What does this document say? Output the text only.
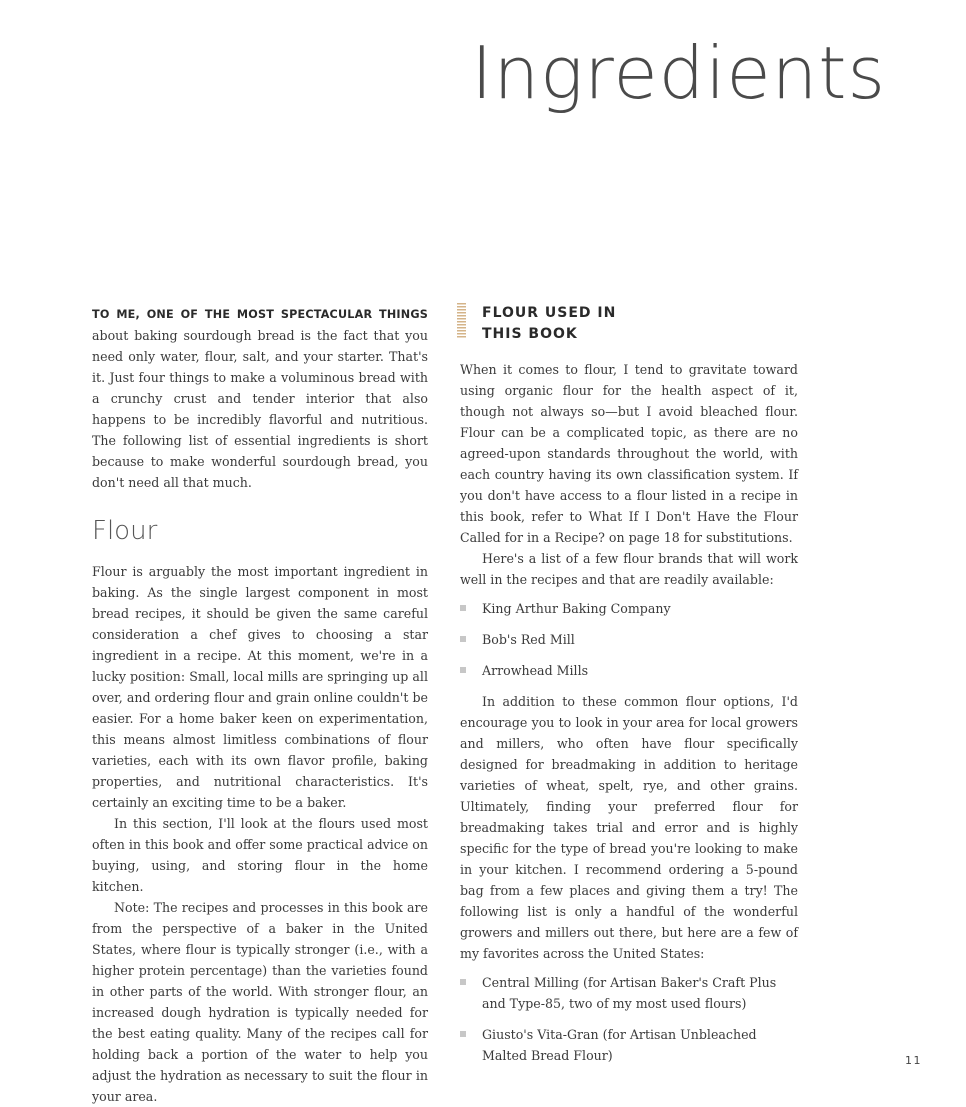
Ingredients

TO ME, ONE OF THE MOST SPECTACULAR THINGS about baking sourdough bread is the fact that you need only water, flour, salt, and your starter. That's it. Just four things to make a voluminous bread with a crunchy crust and tender interior that also happens to be incredibly flavorful and nutritious. The following list of essential ingredients is short because to make wonderful sourdough bread, you don't need all that much.

Flour

Flour is arguably the most important ingredient in baking. As the single largest component in most bread recipes, it should be given the same careful consideration a chef gives to choosing a star ingredient in a recipe. At this moment, we're in a lucky position: Small, local mills are springing up all over, and ordering flour and grain online couldn't be easier. For a home baker keen on experimentation, this means almost limitless combinations of flour varieties, each with its own flavor profile, baking properties, and nutritional characteristics. It's certainly an exciting time to be a baker.

In this section, I'll look at the flours used most often in this book and offer some practical advice on buying, using, and storing flour in the home kitchen.

Note: The recipes and processes in this book are from the perspective of a baker in the United States, where flour is typically stronger (i.e., with a higher protein percentage) than the varieties found in other parts of the world. With stronger flour, an increased dough hydration is typically needed for the best eating quality. Many of the recipes call for holding back a portion of the water to help you adjust the hydration as necessary to suit the flour in your area.

FLOUR USED IN
THIS BOOK

When it comes to flour, I tend to gravitate toward using organic flour for the health aspect of it, though not always so—but I avoid bleached flour. Flour can be a complicated topic, as there are no agreed-upon standards throughout the world, with each country having its own classification system. If you don't have access to a flour listed in a recipe in this book, refer to What If I Don't Have the Flour Called for in a Recipe? on page 18 for substitutions.

Here's a list of a few flour brands that will work well in the recipes and that are readily available:

King Arthur Baking Company
Bob's Red Mill
Arrowhead Mills

In addition to these common flour options, I'd encourage you to look in your area for local growers and millers, who often have flour specifically designed for breadmaking in addition to heritage varieties of wheat, spelt, rye, and other grains. Ultimately, finding your preferred flour for breadmaking takes trial and error and is highly specific for the type of bread you're looking to make in your kitchen. I recommend ordering a 5-pound bag from a few places and giving them a try! The following list is only a handful of the wonderful growers and millers out there, but here are a few of my favorites across the United States:

Central Milling (for Artisan Baker's Craft Plus and Type-85, two of my most used flours)
Giusto's Vita-Gran (for Artisan Unbleached Malted Bread Flour)	11
